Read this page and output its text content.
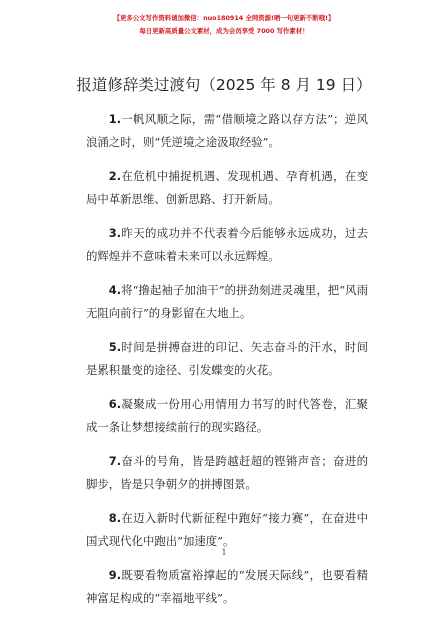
【更多公文写作资料请加微信：nuo180914 全网资源!晒一句更新不断哦!】
每日更新高质量公文素材，成为会员享受 7000 写作素材！
报道修辞类过渡句（2025 年 8 月 19 日）

1.一帆风顺之际，需“借顺境之路以存方法”；逆风浪涌之时，则“凭逆境之途汲取经验”。

2.在危机中捕捉机遇、发现机遇、孕育机遇，在变局中革新思维、创新思路、打开新局。

3.昨天的成功并不代表着今后能够永远成功，过去的辉煌并不意味着未来可以永远辉煌。

4.将“撸起袖子加油干”的拼劲刻进灵魂里，把“风雨无阻向前行”的身影留在大地上。

5.时间是拼搏奋进的印记、矢志奋斗的汗水，时间是累积量变的途径、引发蝶变的火花。

6.凝聚成一份用心用情用力书写的时代答卷，汇聚成一条让梦想接续前行的现实路径。

7.奋斗的号角，皆是跨越赶超的铿锵声音；奋进的脚步，皆是只争朝夕的拼搏图景。

8.在迈入新时代新征程中跑好“接力赛”，在奋进中国式现代化中跑出“加速度”。

9.既要看物质富裕撑起的“发展天际线”，也要看精神富足构成的“幸福地平线”。

1
